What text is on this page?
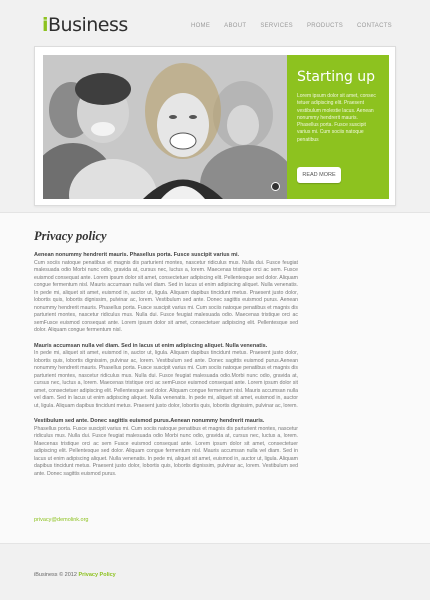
iBusiness	HOME ABOUT SERVICES PRODUCTS CONTACTS
Starting up

Lorem ipsum dolor sit amet, consec tetuer adipiscing elit. Praesent vestibulum molestie lacus. Aenean nonummy hendrerit mauris. Phasellus porta. Fusce suscipit varius mi. Cum sociis natoque penatibus

READ MORE
Privacy policy
Aenean nonummy hendrerit mauris. Phasellus porta. Fusce suscipit varius mi.
Cum sociis natoque penatibus et magnis dis parturient montes, nascetur ridiculus mus. Nulla dui. Fusce feugiat malesuada odio Morbi nunc odio, gravida at, cursus nec, luctus a, lorem. Maecenas tristique orci ac sem. Fusce euismod consequat ante. Lorem ipsum dolor sit amet, consectetuer adipiscing elit. Pellentesque sed dolor. Aliquam congue fermentum nisl. Mauris accumsan nulla vel diam. Sed in lacus ut enim adipiscing aliquet. Nulla venenatis. In pede mi, aliquet sit amet, euismod in, auctor ut, ligula. Aliquam dapibus tincidunt metus. Praesent justo dolor, lobortis quis, lobortis dignissim, pulvinar ac, lorem. Vestibulum sed ante. Donec sagittis euismod purus. Aenean nonummy hendrerit mauris. Phasellus porta. Fusce suscipit varius mi. Cum sociis natoque penatibus et magnis dis parturient montes, nascetur ridiculus mus. Nulla dui. Fusce feugiat malesuada odio. Maecenas tristique orci ac semFusce euismod consequat ante. Lorem ipsum dolor sit amet, consectetuer adipiscing elit. Pellentesque sed dolor. Aliquam congue fermentum nisl.
Mauris accumsan nulla vel diam. Sed in lacus ut enim adipiscing aliquet. Nulla venenatis.
In pede mi, aliquet sit amet, euismod in, auctor ut, ligula. Aliquam dapibus tincidunt metus. Praesent justo dolor, lobortis quis, lobortis dignissim, pulvinar ac, lorem. Vestibulum sed ante. Donec sagittis euismod purus.Aenean nonummy hendrerit mauris. Phasellus porta. Fusce suscipit varius mi. Cum sociis natoque penatibus et magnis dis parturient montes, nascetur ridiculus mus. Nulla dui. Fusce feugiat malesuada odio.Morbi nunc odio, gravida at, cursus nec, luctus a, lorem. Maecenas tristique orci ac semFusce euismod consequat ante. Lorem ipsum dolor sit amet, consectetuer adipiscing elit. Pellentesque sed dolor. Aliquam congue fermentum nisl. Mauris accumsan nulla vel diam. Sed in lacus ut enim adipiscing aliquet. Nulla venenatis. In pede mi, aliquet sit amet, euismod in, auctor ut, ligula. Aliquam dapibus tincidunt metus. Praesent justo dolor, lobortis quis, lobortis dignissim, pulvinar ac, lorem.
Vestibulum sed ante. Donec sagittis euismod purus.Aenean nonummy hendrerit mauris.
Phasellus porta. Fusce suscipit varius mi. Cum sociis natoque penatibus et magnis dis parturient montes, nascetur ridiculus mus. Nulla dui. Fusce feugiat malesuada odio Morbi nunc odio, gravida at, cursus nec, luctus a, lorem. Maecenas tristique orci ac sem Fusce euismod consequat ante. Lorem ipsum dolor sit amet, consectetuer adipiscing elit. Pellentesque sed dolor. Aliquam congue fermentum nisl. Mauris accumsan nulla vel diam. Sed in lacus ut enim adipiscing aliquet. Nulla venenatis. In pede mi, aliquet sit amet, euismod in, auctor ut, ligula. Aliquam dapibus tincidunt metus. Praesent justo dolor, lobortis quis, lobortis dignissim, pulvinar ac, lorem. Vestibulum sed ante. Donec sagittis euismod purus.
privacy@demolink.org
iBusiness © 2012 Privacy Policy
